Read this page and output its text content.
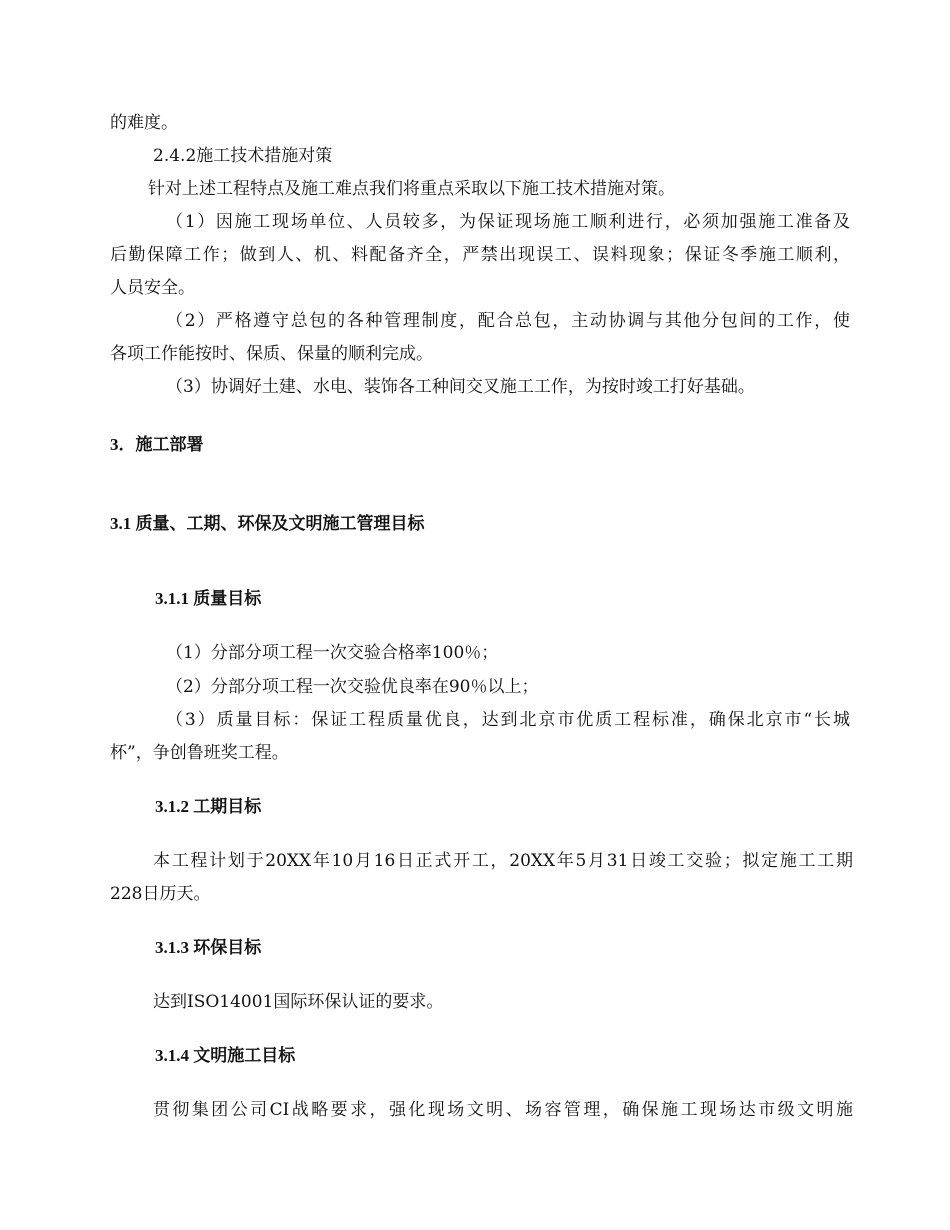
的难度。

2.4.2施工技术措施对策

针对上述工程特点及施工难点我们将重点采取以下施工技术措施对策。

（1）因施工现场单位、人员较多，为保证现场施工顺利进行，必须加强施工准备及

后勤保障工作；做到人、机、料配备齐全，严禁出现误工、误料现象；保证冬季施工顺利，

人员安全。

（2）严格遵守总包的各种管理制度，配合总包，主动协调与其他分包间的工作，使

各项工作能按时、保质、保量的顺利完成。

（3）协调好土建、水电、装饰各工种间交叉施工工作，为按时竣工打好基础。

3．施工部署

3.1 质量、工期、环保及文明施工管理目标

3.1.1 质量目标

（1）分部分项工程一次交验合格率100％；

（2）分部分项工程一次交验优良率在90％以上；

（3）质量目标：保证工程质量优良，达到北京市优质工程标准，确保北京市“长城

杯”，争创鲁班奖工程。

3.1.2 工期目标

本工程计划于20XX年10月16日正式开工，20XX年5月31日竣工交验；拟定施工工期

228日历天。

3.1.3 环保目标

达到ISO14001国际环保认证的要求。

3.1.4 文明施工目标

贯彻集团公司CI战略要求，强化现场文明、场容管理，确保施工现场达市级文明施
